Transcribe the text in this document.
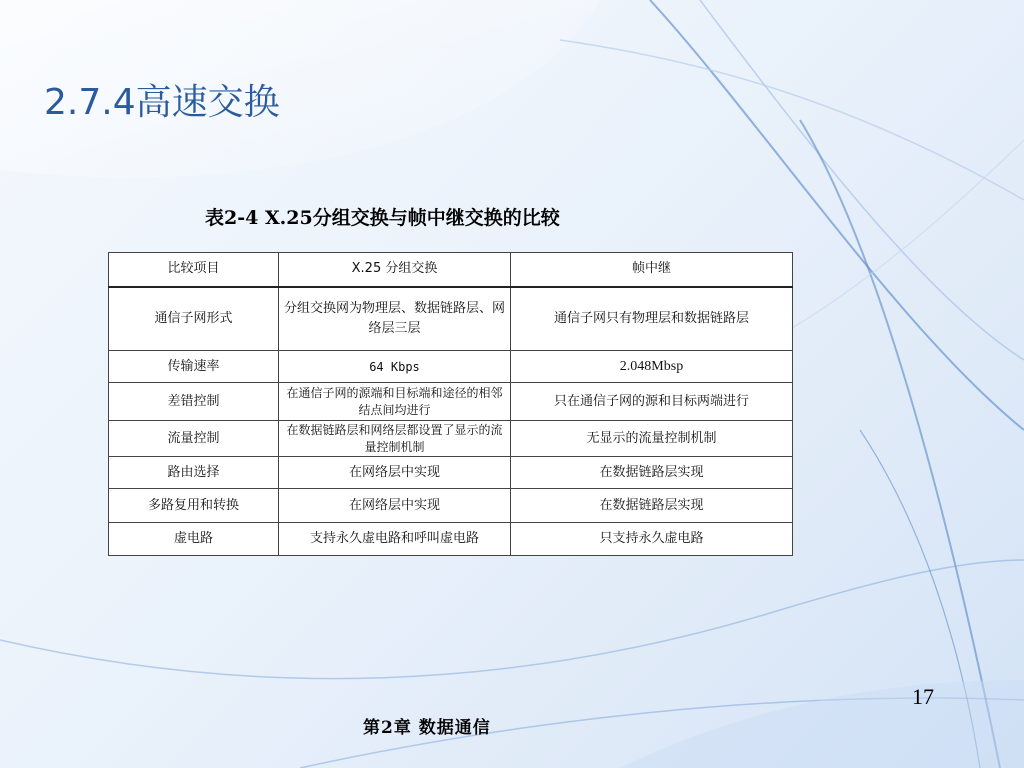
2.7.4高速交换

表2-4 X.25分组交换与帧中继交换的比较

比较项目	X.25 分组交换	帧中继
通信子网形式	分组交换网为物理层、数据链路层、网络层三层	通信子网只有物理层和数据链路层
传输速率	64 Kbps	2.048Mbsp
差错控制	在通信子网的源端和目标端和途径的相邻结点间均进行	只在通信子网的源和目标两端进行
流量控制	在数据链路层和网络层都设置了显示的流量控制机制	无显示的流量控制机制
路由选择	在网络层中实现	在数据链路层实现
多路复用和转换	在网络层中实现	在数据链路层实现
虚电路	支持永久虚电路和呼叫虚电路	只支持永久虚电路

17

第2章 数据通信
